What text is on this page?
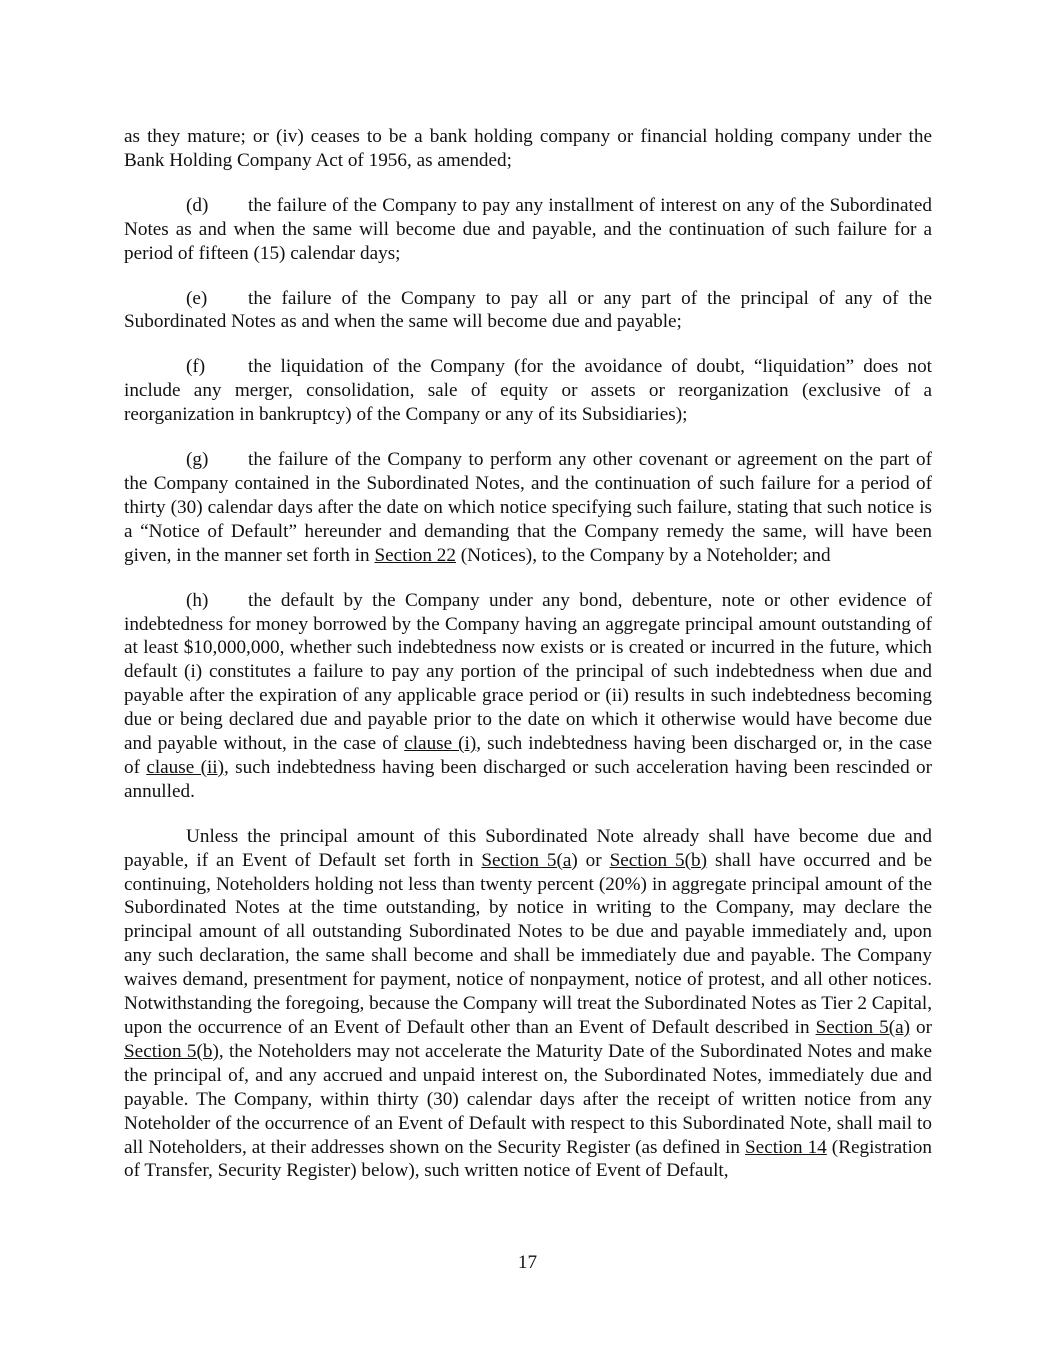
as they mature; or (iv) ceases to be a bank holding company or financial holding company under the Bank Holding Company Act of 1956, as amended;

(d) the failure of the Company to pay any installment of interest on any of the Subordinated Notes as and when the same will become due and payable, and the continuation of such failure for a period of fifteen (15) calendar days;

(e) the failure of the Company to pay all or any part of the principal of any of the Subordinated Notes as and when the same will become due and payable;

(f) the liquidation of the Company (for the avoidance of doubt, “liquidation” does not include any merger, consolidation, sale of equity or assets or reorganization (exclusive of a reorganization in bankruptcy) of the Company or any of its Subsidiaries);

(g) the failure of the Company to perform any other covenant or agreement on the part of the Company contained in the Subordinated Notes, and the continuation of such failure for a period of thirty (30) calendar days after the date on which notice specifying such failure, stating that such notice is a “Notice of Default” hereunder and demanding that the Company remedy the same, will have been given, in the manner set forth in Section 22 (Notices), to the Company by a Noteholder; and

(h) the default by the Company under any bond, debenture, note or other evidence of indebtedness for money borrowed by the Company having an aggregate principal amount outstanding of at least $10,000,000, whether such indebtedness now exists or is created or incurred in the future, which default (i) constitutes a failure to pay any portion of the principal of such indebtedness when due and payable after the expiration of any applicable grace period or (ii) results in such indebtedness becoming due or being declared due and payable prior to the date on which it otherwise would have become due and payable without, in the case of clause (i), such indebtedness having been discharged or, in the case of clause (ii), such indebtedness having been discharged or such acceleration having been rescinded or annulled.

Unless the principal amount of this Subordinated Note already shall have become due and payable, if an Event of Default set forth in Section 5(a) or Section 5(b) shall have occurred and be continuing, Noteholders holding not less than twenty percent (20%) in aggregate principal amount of the Subordinated Notes at the time outstanding, by notice in writing to the Company, may declare the principal amount of all outstanding Subordinated Notes to be due and payable immediately and, upon any such declaration, the same shall become and shall be immediately due and payable. The Company waives demand, presentment for payment, notice of nonpayment, notice of protest, and all other notices. Notwithstanding the foregoing, because the Company will treat the Subordinated Notes as Tier 2 Capital, upon the occurrence of an Event of Default other than an Event of Default described in Section 5(a) or Section 5(b), the Noteholders may not accelerate the Maturity Date of the Subordinated Notes and make the principal of, and any accrued and unpaid interest on, the Subordinated Notes, immediately due and payable. The Company, within thirty (30) calendar days after the receipt of written notice from any Noteholder of the occurrence of an Event of Default with respect to this Subordinated Note, shall mail to all Noteholders, at their addresses shown on the Security Register (as defined in Section 14 (Registration of Transfer, Security Register) below), such written notice of Event of Default,

17
